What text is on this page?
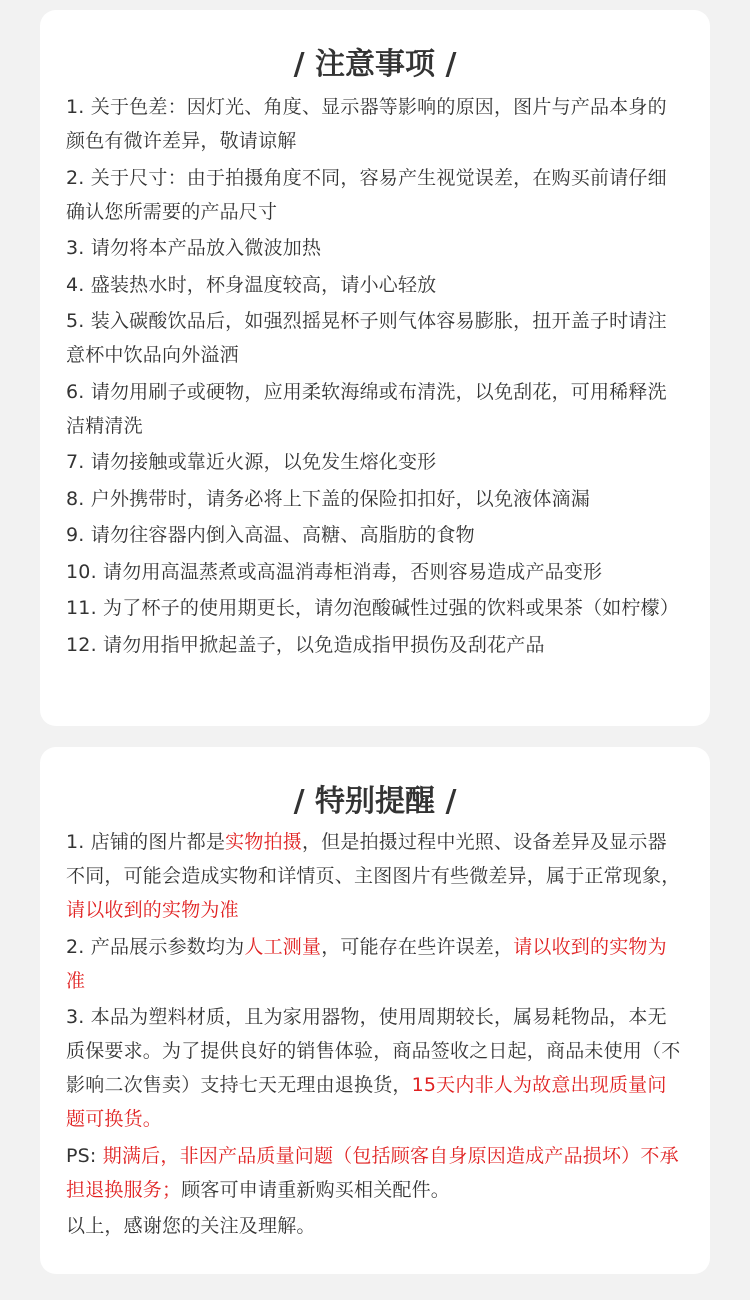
/ 注意事项 /
1. 关于色差：因灯光、角度、显示器等影响的原因，图片与产品本身的颜色有微许差异，敬请谅解
2. 关于尺寸：由于拍摄角度不同，容易产生视觉误差，在购买前请仔细确认您所需要的产品尺寸
3. 请勿将本产品放入微波加热
4. 盛装热水时，杯身温度较高，请小心轻放
5. 装入碳酸饮品后，如强烈摇晃杯子则气体容易膨胀，扭开盖子时请注意杯中饮品向外溢洒
6. 请勿用刷子或硬物，应用柔软海绵或布清洗，以免刮花，可用稀释洗洁精清洗
7. 请勿接触或靠近火源，以免发生熔化变形
8. 户外携带时，请务必将上下盖的保险扣扣好，以免液体滴漏
9. 请勿往容器内倒入高温、高糖、高脂肪的食物
10. 请勿用高温蒸煮或高温消毒柜消毒，否则容易造成产品变形
11. 为了杯子的使用期更长，请勿泡酸碱性过强的饮料或果茶（如柠檬）
12. 请勿用指甲掀起盖子，以免造成指甲损伤及刮花产品
/ 特别提醒 /
1. 店铺的图片都是实物拍摄，但是拍摄过程中光照、设备差异及显示器不同，可能会造成实物和详情页、主图图片有些微差异，属于正常现象，请以收到的实物为准
2. 产品展示参数均为人工测量，可能存在些许误差，请以收到的实物为准
3. 本品为塑料材质，且为家用器物，使用周期较长，属易耗物品，本无质保要求。为了提供良好的销售体验，商品签收之日起，商品未使用（不影响二次售卖）支持七天无理由退换货，15天内非人为故意出现质量问题可换货。
PS: 期满后，非因产品质量问题（包括顾客自身原因造成产品损坏）不承担退换服务；顾客可申请重新购买相关配件。
以上，感谢您的关注及理解。
